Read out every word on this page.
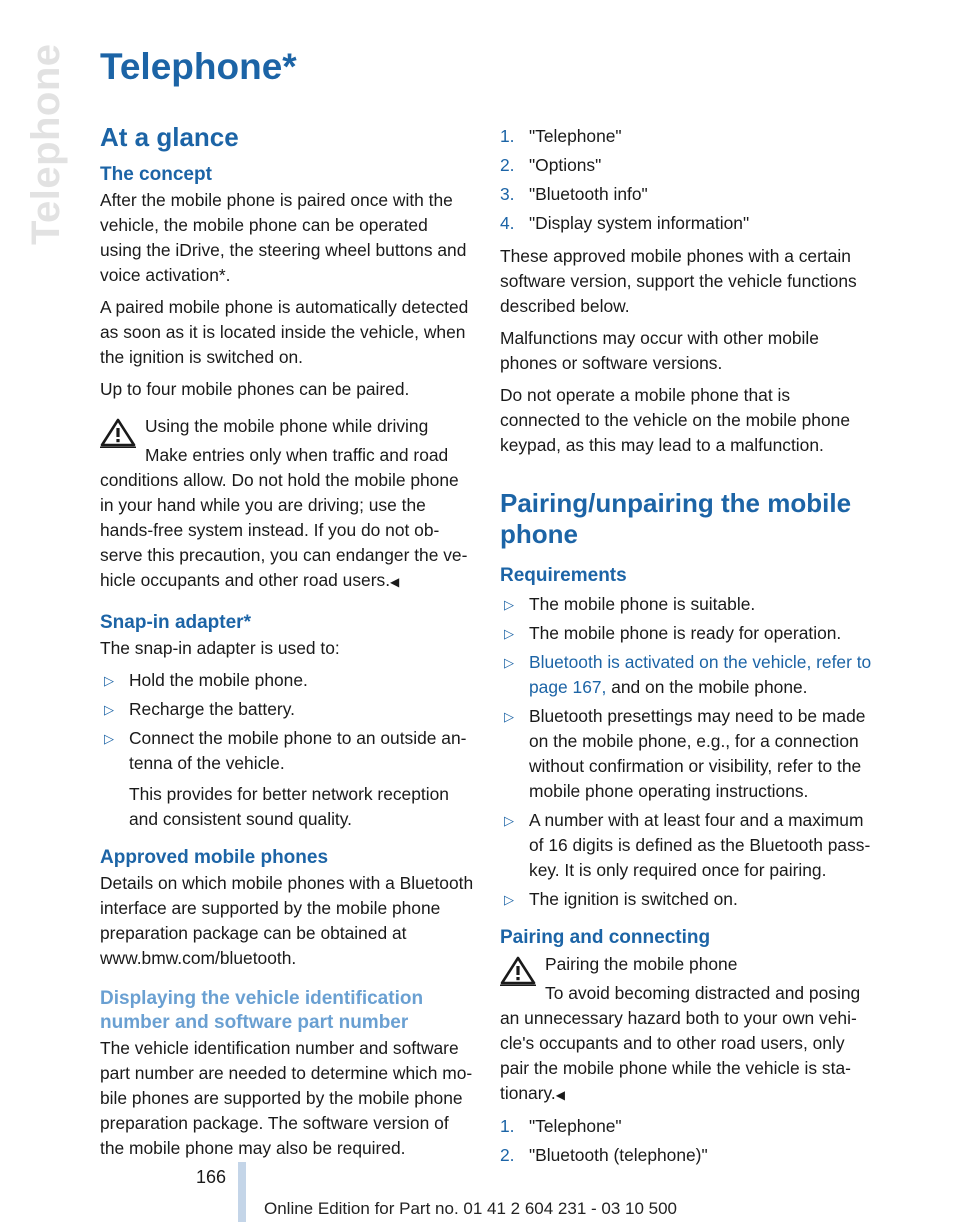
Telephone Telephone*
At a glance
The concept

After the mobile phone is paired once with the vehicle, the mobile phone can be operated using the iDrive, the steering wheel buttons and voice activation*.

A paired mobile phone is automatically detected as soon as it is located inside the vehicle, when the ignition is switched on.

Up to four mobile phones can be paired.

Using the mobile phone while driving
Make entries only when traffic and road conditions allow. Do not hold the mobile phone in your hand while you are driving; use the hands-free system instead. If you do not observe this precaution, you can endanger the vehicle occupants and other road users.◀
Snap-in adapter*

The snap-in adapter is used to:

▷ Hold the mobile phone.
▷ Recharge the battery.
▷ Connect the mobile phone to an outside antenna of the vehicle.
This provides for better network reception and consistent sound quality.
Approved mobile phones

Details on which mobile phones with a Bluetooth interface are supported by the mobile phone preparation package can be obtained at www.bmw.com/bluetooth.

Displaying the vehicle identification number and software part number

The vehicle identification number and software part number are needed to determine which mobile phones are supported by the mobile phone preparation package. The software version of the mobile phone may also be required.

1. "Telephone"
2. "Options"
3. "Bluetooth info"
4. "Display system information"

These approved mobile phones with a certain software version, support the vehicle functions described below.

Malfunctions may occur with other mobile phones or software versions.

Do not operate a mobile phone that is connected to the vehicle on the mobile phone keypad, as this may lead to a malfunction.

Pairing/unpairing the mobile phone
Requirements
▷ The mobile phone is suitable.
▷ The mobile phone is ready for operation.
▷ Bluetooth is activated on the vehicle, refer to page 167, and on the mobile phone.
▷ Bluetooth presettings may need to be made on the mobile phone, e.g., for a connection without confirmation or visibility, refer to the mobile phone operating instructions.
▷ A number with at least four and a maximum of 16 digits is defined as the Bluetooth passkey. It is only required once for pairing.
▷ The ignition is switched on.
Pairing and connecting
Pairing the mobile phone
To avoid becoming distracted and posing an unnecessary hazard both to your own vehicle's occupants and to other road users, only pair the mobile phone while the vehicle is stationary.◀
1. "Telephone"
2. "Bluetooth (telephone)"
166
Online Edition for Part no. 01 41 2 604 231 - 03 10 500
